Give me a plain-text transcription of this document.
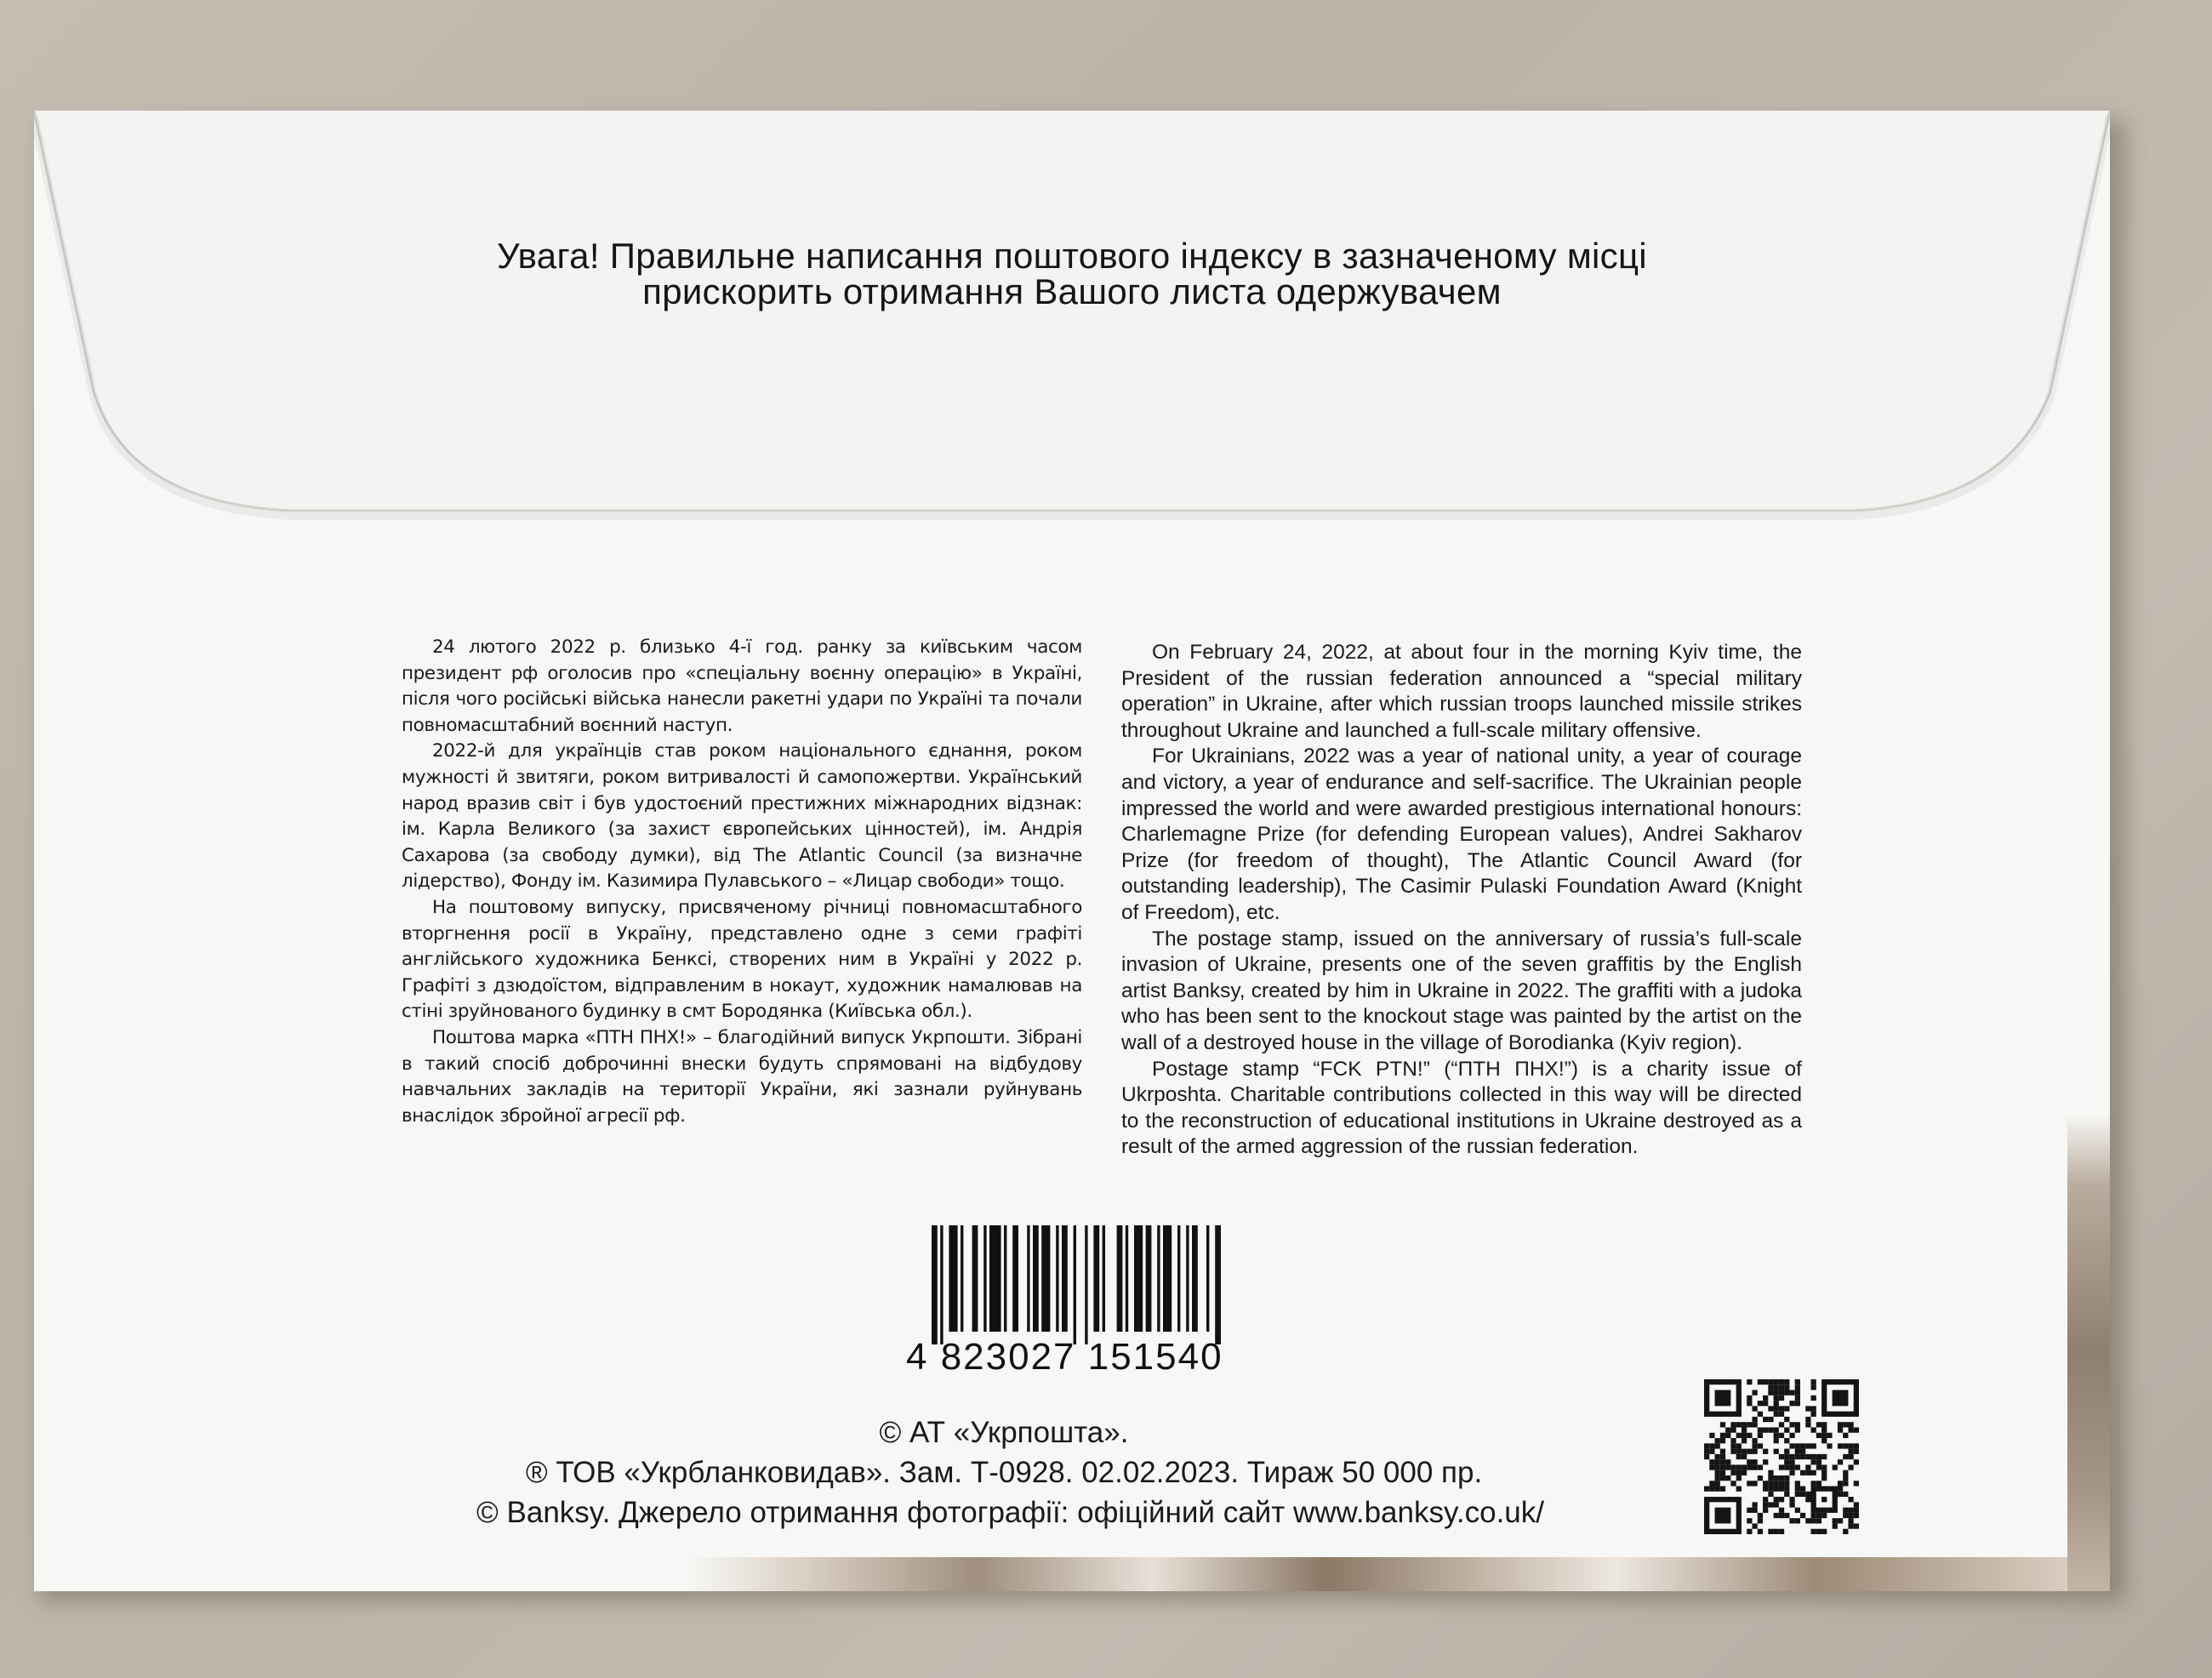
Увага! Правильне написання поштового індексу в зазначеному місці
прискорить отримання Вашого листа одержувачем

24 лютого 2022 р. близько 4-ї год. ранку за київським часом президент рф оголосив про «спеціальну воєнну операцію» в Україні, після чого російські війська нанесли ракетні удари по Україні та почали повномасштабний воєнний наступ.

2022-й для українців став роком національного єднання, роком мужності й звитяги, роком витривалості й самопожертви. Український народ вразив світ і був удостоєний престижних міжнародних відзнак: ім. Карла Великого (за захист європейських цінностей), ім. Андрія Сахарова (за свободу думки), від The Atlantic Council (за визначне лідерство), Фонду ім. Казимира Пулавського – «Лицар свободи» тощо.

На поштовому випуску, присвяченому річниці повномасштабного вторгнення росії в Україну, представлено одне з семи графіті англійського художника Бенксі, створених ним в Україні у 2022 р. Графіті з дзюдоїстом, відправленим в нокаут, художник намалював на стіні зруйнованого будинку в смт Бородянка (Київська обл.).

Поштова марка «ПТН ПНХ!» – благодійний випуск Укрпошти. Зібрані в такий спосіб доброчинні внески будуть спрямовані на відбудову навчальних закладів на території України, які зазнали руйнувань внаслідок збройної агресії рф.

On February 24, 2022, at about four in the morning Kyiv time, the President of the russian federation announced a “special military operation” in Ukraine, after which russian troops launched missile strikes throughout Ukraine and launched a full-scale military offensive.

For Ukrainians, 2022 was a year of national unity, a year of courage and victory, a year of endurance and self-sacrifice. The Ukrainian people impressed the world and were awarded prestigious international honours: Charlemagne Prize (for defending European values), Andrei Sakharov Prize (for freedom of thought), The Atlantic Council Award (for outstanding leadership), The Casimir Pulaski Foundation Award (Knight of Freedom), etc.

The postage stamp, issued on the anniversary of russia’s full-scale invasion of Ukraine, presents one of the seven graffitis by the English artist Banksy, created by him in Ukraine in 2022. The graffiti with a judoka who has been sent to the knockout stage was painted by the artist on the wall of a destroyed house in the village of Borodianka (Kyiv region).

Postage stamp “FCK PTN!” (“ПТН ПНХ!”) is a charity issue of Ukrposhta. Charitable contributions collected in this way will be directed to the reconstruction of educational institutions in Ukraine destroyed as a result of the armed aggression of the russian federation.

4 823027 151540
© АТ «Укрпошта».
® ТОВ «Укрбланковидав». Зам. Т-0928. 02.02.2023. Тираж 50 000 пр.
© Banksy. Джерело отримання фотографії: офіційний сайт www.banksy.co.uk/
